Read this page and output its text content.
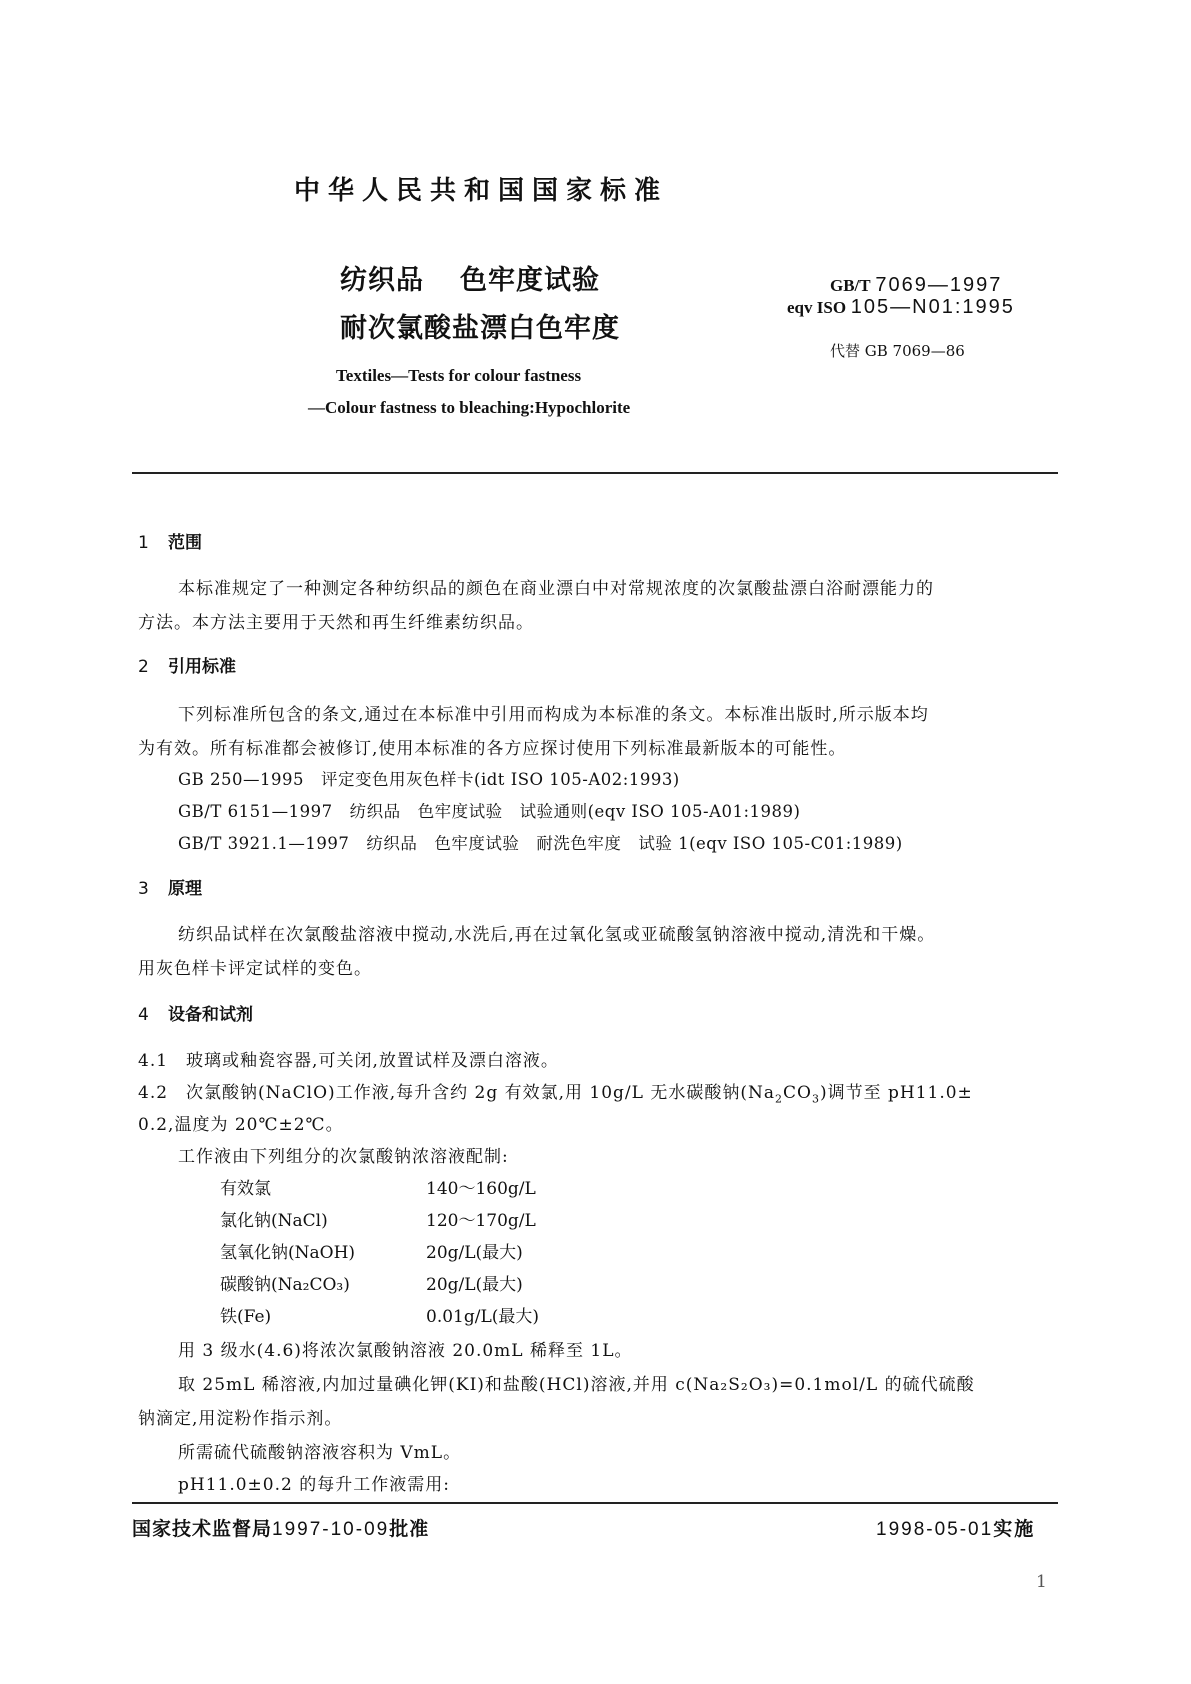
中华人民共和国国家标准
纺织品 色牢度试验
耐次氯酸盐漂白色牢度
GB/T 7069—1997
eqv ISO 105—N01:1995
代替 GB 7069—86
Textiles—Tests for colour fastness
—Colour fastness to bleaching:Hypochlorite
1 范围
本标准规定了一种测定各种纺织品的颜色在商业漂白中对常规浓度的次氯酸盐漂白浴耐漂能力的
方法。本方法主要用于天然和再生纤维素纺织品。
2 引用标准
下列标准所包含的条文,通过在本标准中引用而构成为本标准的条文。本标准出版时,所示版本均
为有效。所有标准都会被修订,使用本标准的各方应探讨使用下列标准最新版本的可能性。
GB 250—1995　评定变色用灰色样卡(idt ISO 105-A02:1993)
GB/T 6151—1997　纺织品　色牢度试验　试验通则(eqv ISO 105-A01:1989)
GB/T 3921.1—1997　纺织品　色牢度试验　耐洗色牢度　试验 1(eqv ISO 105-C01:1989)
3 原理
纺织品试样在次氯酸盐溶液中搅动,水洗后,再在过氧化氢或亚硫酸氢钠溶液中搅动,清洗和干燥。
用灰色样卡评定试样的变色。
4 设备和试剂
4.1　玻璃或釉瓷容器,可关闭,放置试样及漂白溶液。
4.2　次氯酸钠(NaClO)工作液,每升含约 2g 有效氯,用 10g/L 无水碳酸钠$(Na_2CO_3)$调节至 pH11.0±
0.2,温度为 20℃±2℃。
工作液由下列组分的次氯酸钠浓溶液配制:
有效氯	140～160g/L
氯化钠(NaCl)	120～170g/L
氢氧化钠(NaOH)	20g/L(最大)
碳酸钠(Na₂CO₃)	20g/L(最大)
铁(Fe)	0.01g/L(最大)
用 3 级水(4.6)将浓次氯酸钠溶液 20.0mL 稀释至 1L。
取 25mL 稀溶液,内加过量碘化钾(KI)和盐酸(HCl)溶液,并用 c(Na₂S₂O₃)=0.1mol/L 的硫代硫酸
钠滴定,用淀粉作指示剂。
所需硫代硫酸钠溶液容积为 VmL。
pH11.0±0.2 的每升工作液需用:
国家技术监督局1997-10-09批准	1998-05-01实施
1
